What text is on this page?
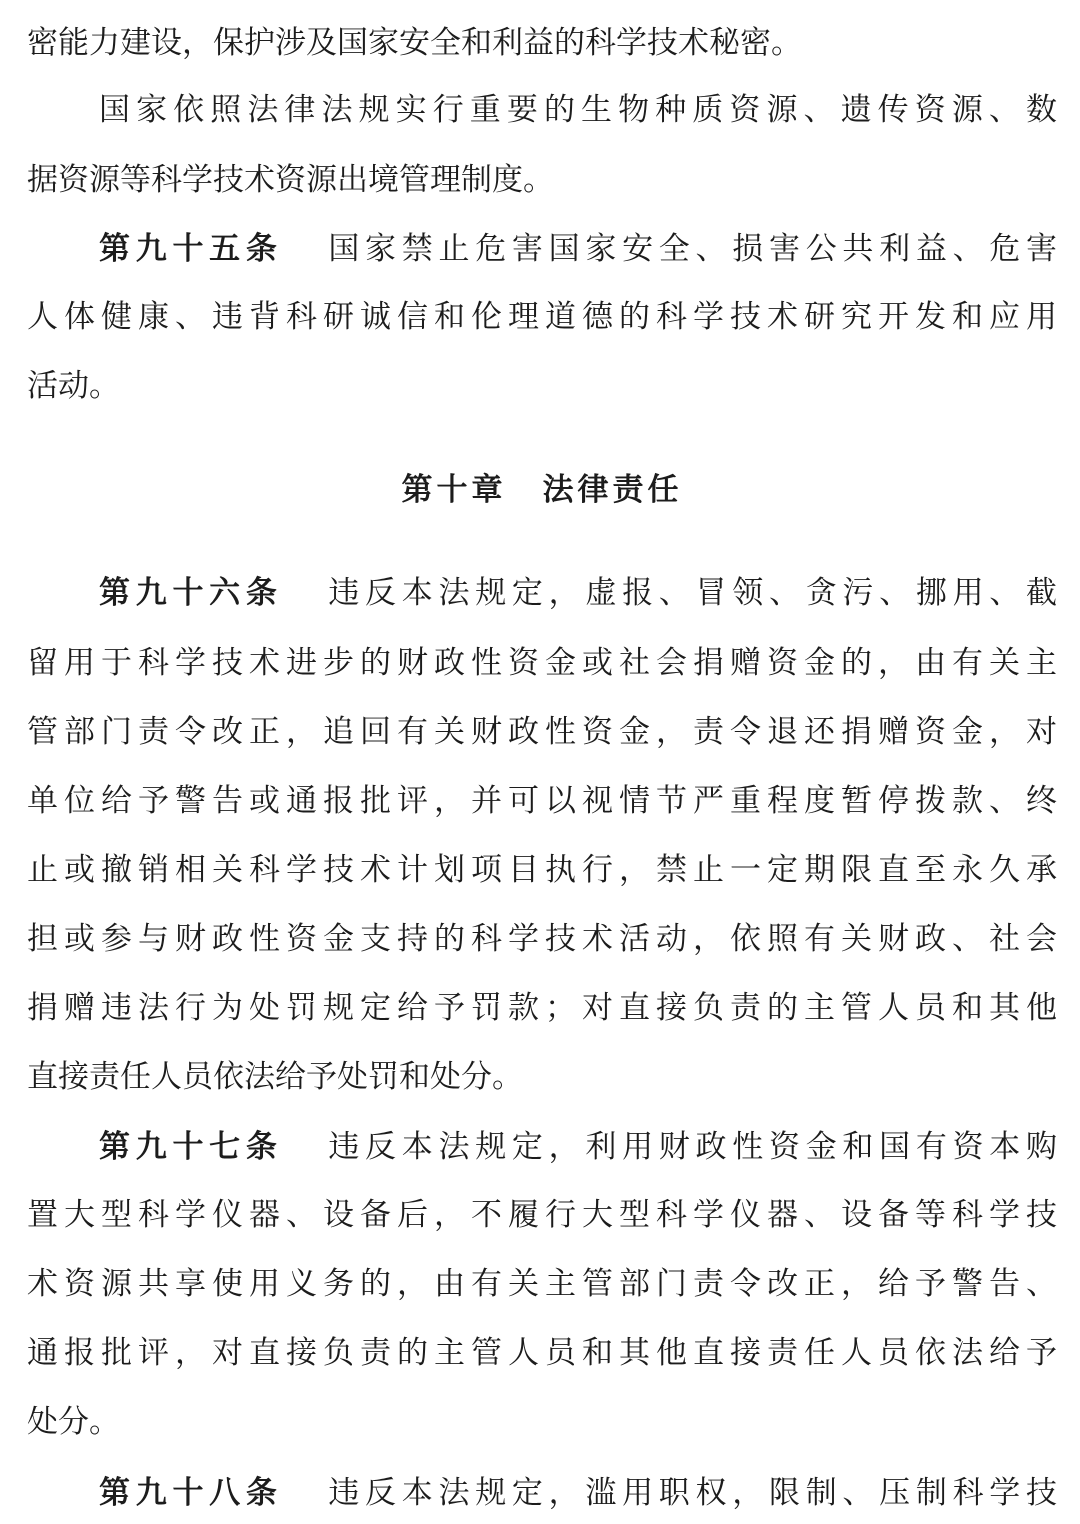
密能力建设，保护涉及国家安全和利益的科学技术秘密。
国家依照法律法规实行重要的生物种质资源、遗传资源、数
据资源等科学技术资源出境管理制度。
第九十五条 国家禁止危害国家安全、损害公共利益、危害
人体健康、违背科研诚信和伦理道德的科学技术研究开发和应用
活动。
第十章 法律责任
第九十六条 违反本法规定，虚报、冒领、贪污、挪用、截
留用于科学技术进步的财政性资金或社会捐赠资金的，由有关主
管部门责令改正，追回有关财政性资金，责令退还捐赠资金，对
单位给予警告或通报批评，并可以视情节严重程度暂停拨款、终
止或撤销相关科学技术计划项目执行，禁止一定期限直至永久承
担或参与财政性资金支持的科学技术活动，依照有关财政、社会
捐赠违法行为处罚规定给予罚款；对直接负责的主管人员和其他
直接责任人员依法给予处罚和处分。
第九十七条 违反本法规定，利用财政性资金和国有资本购
置大型科学仪器、设备后，不履行大型科学仪器、设备等科学技
术资源共享使用义务的，由有关主管部门责令改正，给予警告、
通报批评，对直接负责的主管人员和其他直接责任人员依法给予
处分。
第九十八条 违反本法规定，滥用职权，限制、压制科学技
